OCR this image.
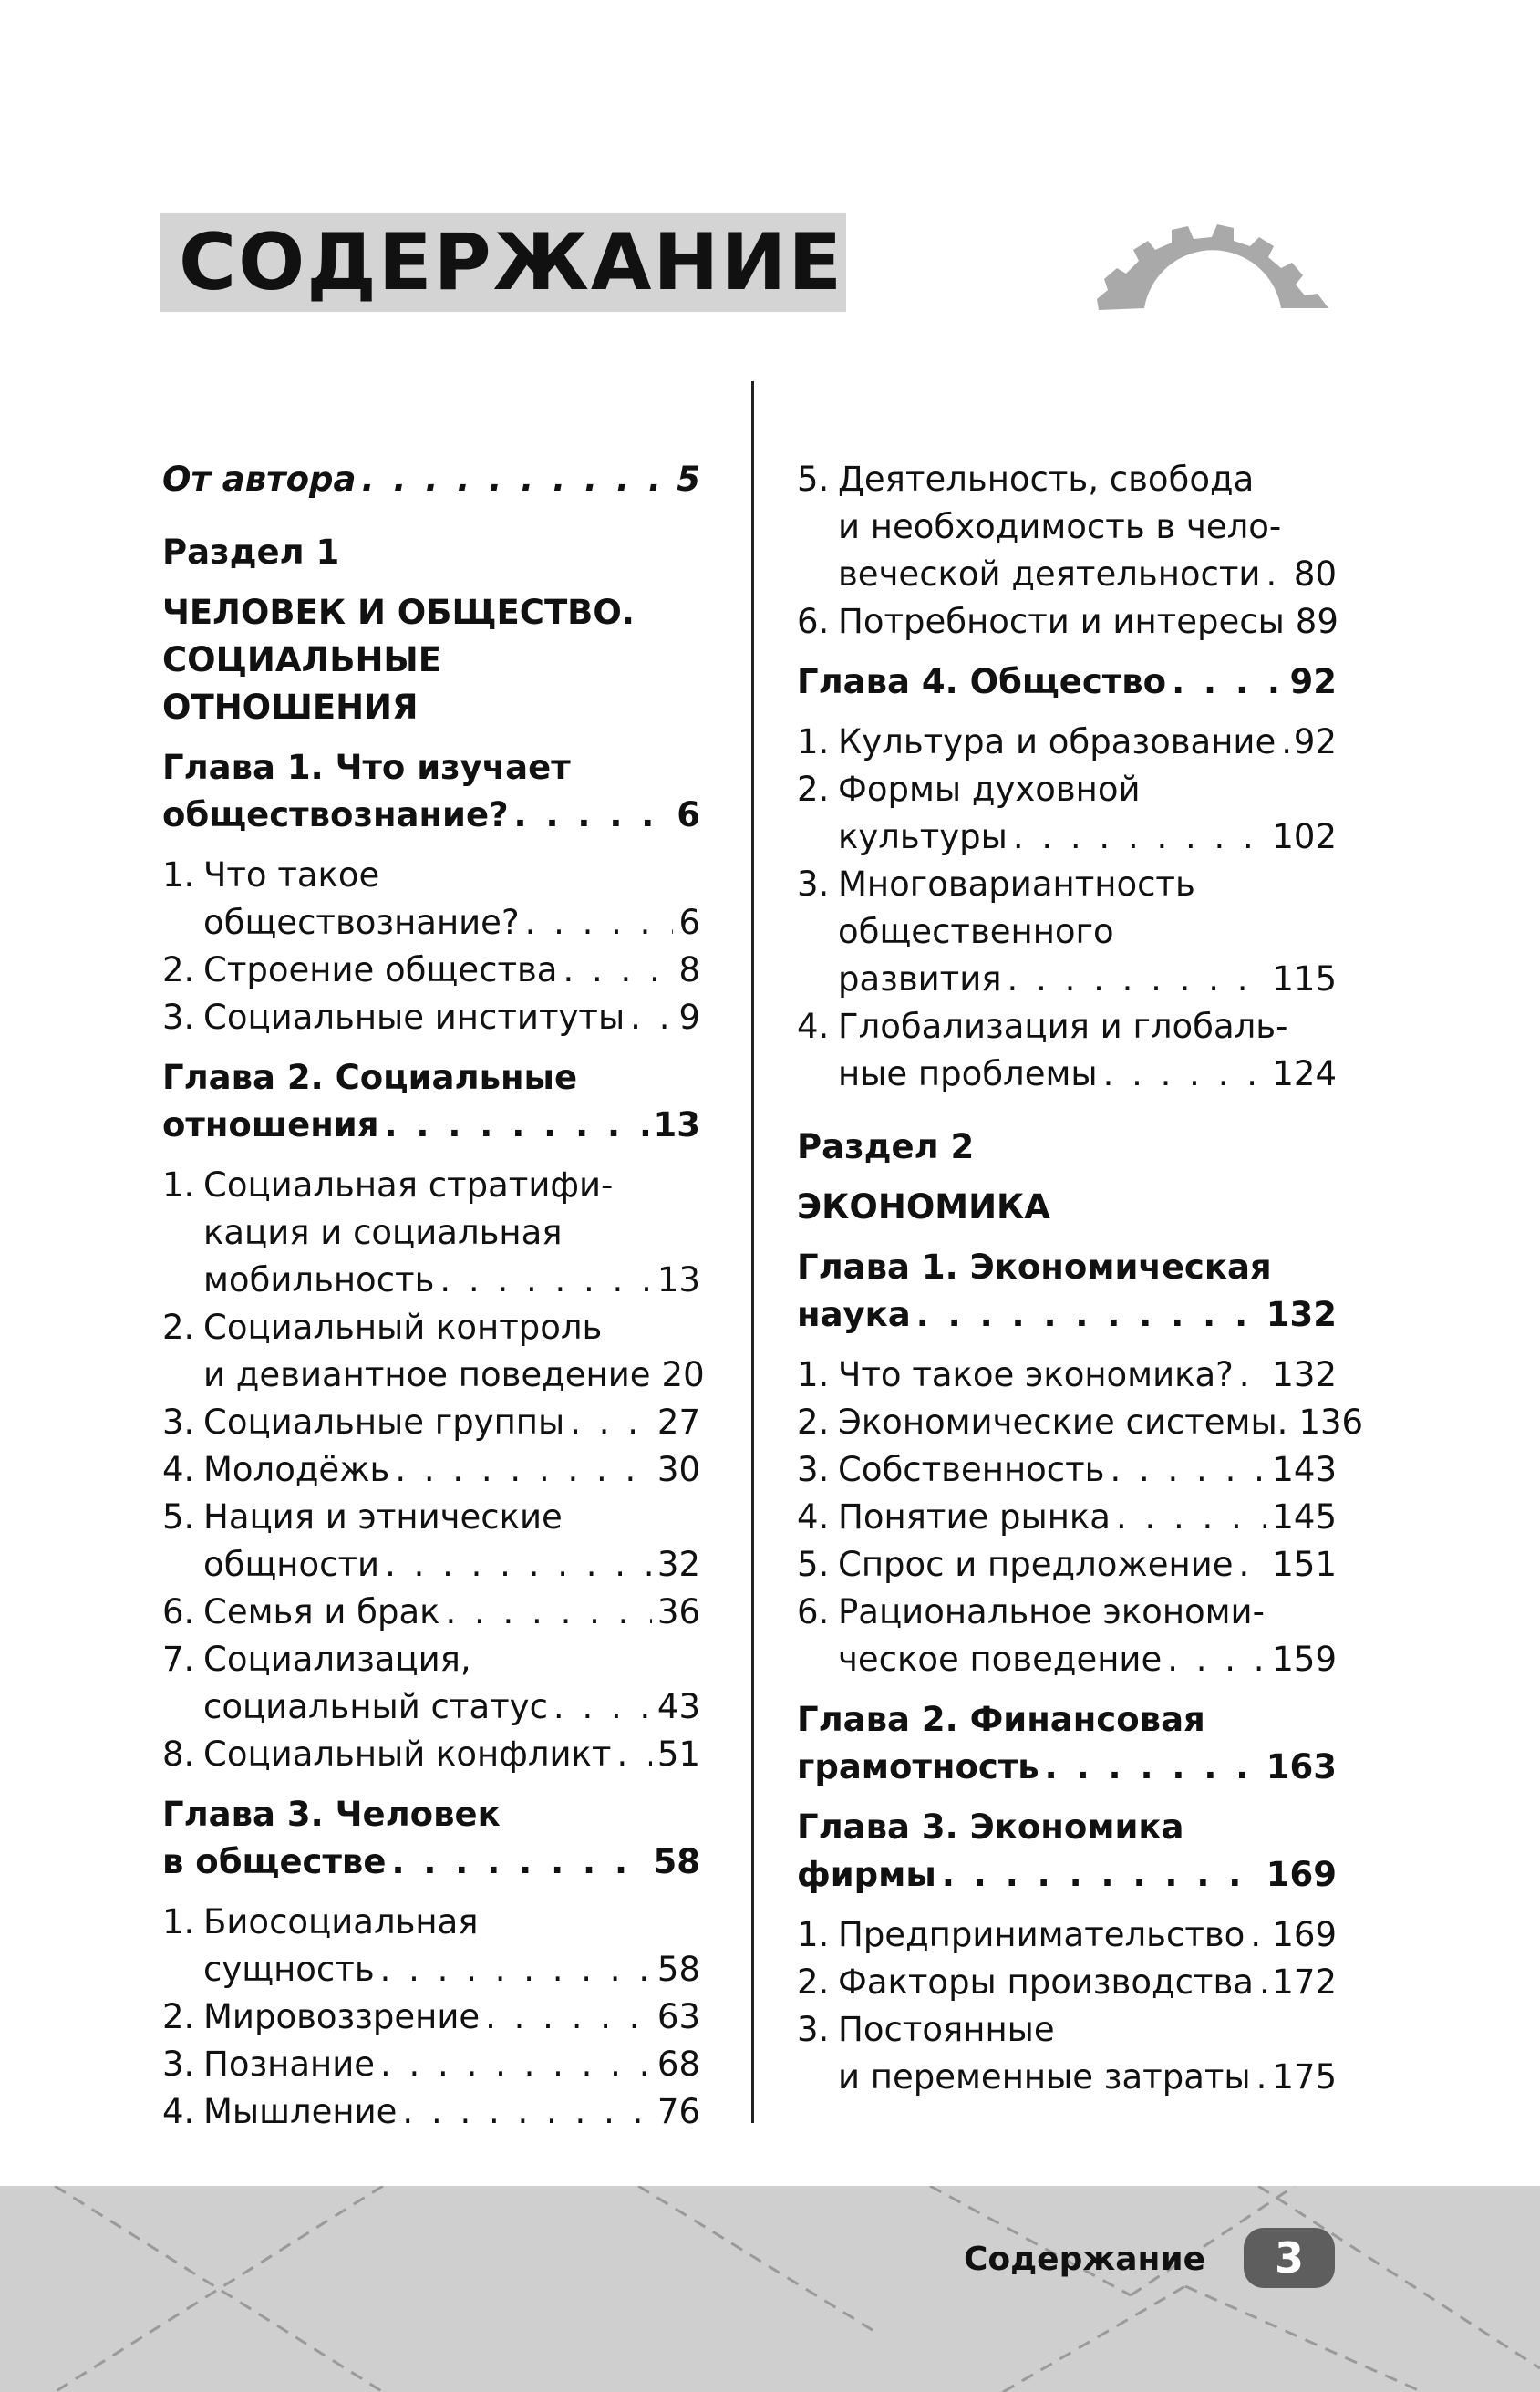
СОДЕРЖАНИЕ
От автора . . .	5
Раздел 1
ЧЕЛОВЕК И ОБЩЕСТВО.
СОЦИАЛЬНЫЕ ОТНОШЕНИЯ
Глава 1. Что изучает
обществознание? . . .	6
1. Что такое
обществознание? . . .	6
2. Строение общества . . .	8
3. Социальные институты . . . 9
Глава 2. Социальные
отношения . . .	13
1. Социальная стратифи-
кация и социальная
мобильность . . .	13
2. Социальный контроль
и девиантное поведение 20
3. Социальные группы . . .	27
4. Молодёжь . . .	30
5. Нация и этнические
общности . . .	32
6. Семья и брак . . .	36
7. Социализация,
социальный статус . . .	43
8. Социальный конфликт . . . 51
Глава 3. Человек
в обществе . . .	58
1. Биосоциальная
сущность . . .	58
2. Мировоззрение . . .	63
3. Познание . . .	68
4. Мышление . . .	76
5. Деятельность, свобода
и необходимость в чело-
веческой деятельности . . . 80
6. Потребности и интересы 89
Глава 4. Общество . . .	92
1. Культура и образование . . . 92
2. Формы духовной
культуры . . .	102
3. Многовариантность
общественного
развития . . .	115
4. Глобализация и глобаль-
ные проблемы . . .	124
Раздел 2
ЭКОНОМИКА
Глава 1. Экономическая
наука . . .	132
1. Что такое экономика? . . . 132
2. Экономические системы. 136
3. Собственность . . .	143
4. Понятие рынка . . .	145
5. Спрос и предложение . . . 151
6. Рациональное экономи-
ческое поведение . . .	159
Глава 2. Финансовая
грамотность . . .	163
Глава 3. Экономика
фирмы . . .	169
1. Предпринимательство . . . 169
2. Факторы производства . . . 172
3. Постоянные
и переменные затраты . . . 175
Содержание	3
